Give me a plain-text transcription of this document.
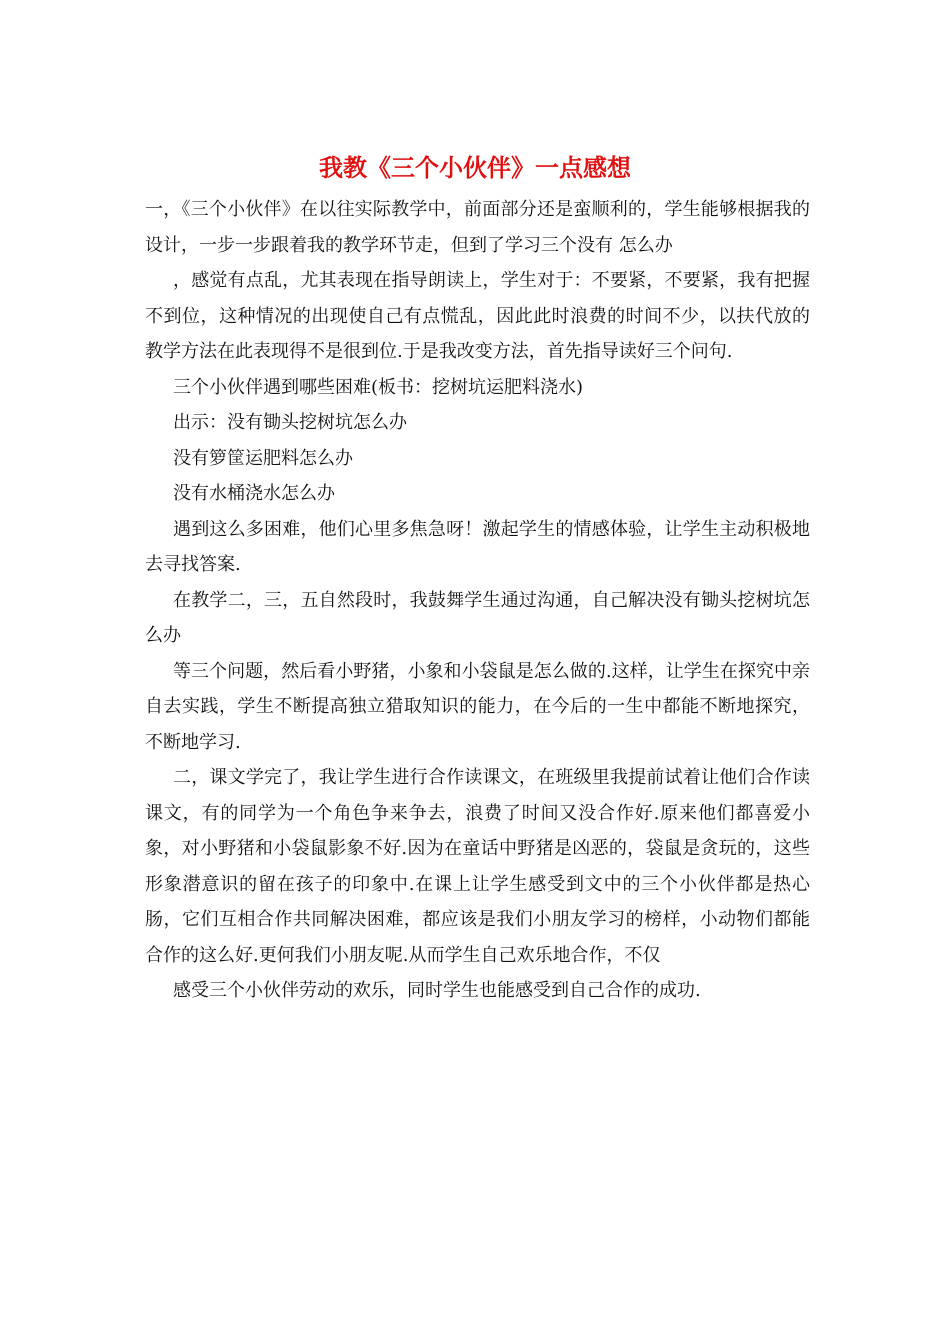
我教《三个小伙伴》一点感想

一，《三个小伙伴》在以往实际教学中，前面部分还是蛮顺利的，学生能够根据我的设计，一步一步跟着我的教学环节走，但到了学习三个没有 怎么办

，感觉有点乱，尤其表现在指导朗读上，学生对于：不要紧，不要紧，我有把握不到位，这种情况的出现使自己有点慌乱，因此此时浪费的时间不少，以扶代放的教学方法在此表现得不是很到位.于是我改变方法，首先指导读好三个问句.

三个小伙伴遇到哪些困难(板书：挖树坑运肥料浇水)

出示：没有锄头挖树坑怎么办

没有箩筐运肥料怎么办

没有水桶浇水怎么办

遇到这么多困难，他们心里多焦急呀！激起学生的情感体验，让学生主动积极地去寻找答案.

在教学二，三，五自然段时，我鼓舞学生通过沟通，自己解决没有锄头挖树坑怎么办

等三个问题，然后看小野猪，小象和小袋鼠是怎么做的.这样，让学生在探究中亲自去实践，学生不断提高独立猎取知识的能力，在今后的一生中都能不断地探究，不断地学习.

二，课文学完了，我让学生进行合作读课文，在班级里我提前试着让他们合作读课文，有的同学为一个角色争来争去，浪费了时间又没合作好.原来他们都喜爱小象，对小野猪和小袋鼠影象不好.因为在童话中野猪是凶恶的，袋鼠是贪玩的，这些形象潜意识的留在孩子的印象中.在课上让学生感受到文中的三个小伙伴都是热心肠，它们互相合作共同解决困难，都应该是我们小朋友学习的榜样，小动物们都能合作的这么好.更何我们小朋友呢.从而学生自己欢乐地合作，不仅

感受三个小伙伴劳动的欢乐，同时学生也能感受到自己合作的成功.
